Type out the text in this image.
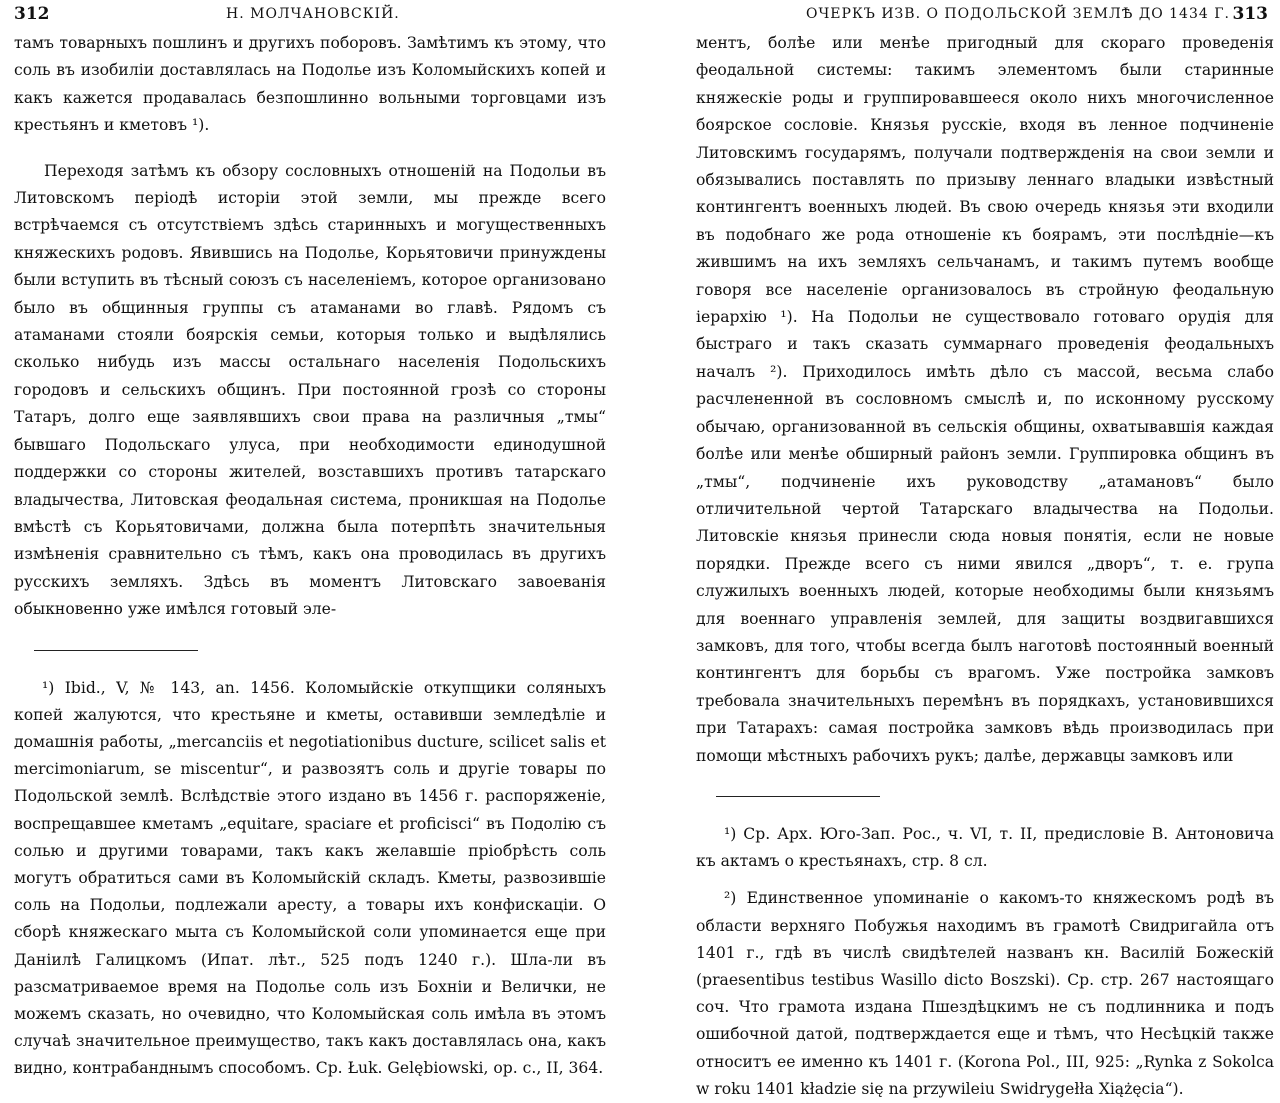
312	Н. МОЛЧАНОВСКІЙ.

тамъ товарныхъ пошлинъ и другихъ поборовъ. Замѣтимъ къ этому, что соль въ изобиліи доставлялась на Подолье изъ Коломыйскихъ копей и какъ кажется продавалась безпошлинно вольными торговцами изъ крестьянъ и кметовъ ¹).

Переходя затѣмъ къ обзору сословныхъ отношеній на Подольи въ Литовскомъ періодѣ исторіи этой земли, мы прежде всего встрѣчаемся съ отсутствіемъ здѣсь старинныхъ и могущественныхъ княжескихъ родовъ. Явившись на Подолье, Корьятовичи принуждены были вступить въ тѣсный союзъ съ населеніемъ, которое организовано было въ общинныя группы съ атаманами во главѣ. Рядомъ съ атаманами стояли боярскія семьи, которыя только и выдѣлялись сколько нибудь изъ массы остальнаго населенія Подольскихъ городовъ и сельскихъ общинъ. При постоянной грозѣ со стороны Татаръ, долго еще заявлявшихъ свои права на различныя „тмы“ бывшаго Подольскаго улуса, при необходимости единодушной поддержки со стороны жителей, возставшихъ противъ татарскаго владычества, Литовская феодальная система, проникшая на Подолье вмѣстѣ съ Корьятовичами, должна была потерпѣть значительныя измѣненія сравнительно съ тѣмъ, какъ она проводилась въ другихъ русскихъ земляхъ. Здѣсь въ моментъ Литовскаго завоеванія обыкновенно уже имѣлся готовый эле-

¹) Ibid., V, № 143, an. 1456. Коломыйскіе откупщики соляныхъ копей жалуются, что крестьяне и кметы, оставивши земледѣліе и домашнія работы, „mercanciis et negotiationibus ducture, scilicet salis et mercimoniarum, se miscentur“, и развозятъ соль и другіе товары по Подольской землѣ. Вслѣдствіе этого издано въ 1456 г. распоряженіе, воспрещавшее кметамъ „equitare, spaciare et proficisci“ въ Подолію съ солью и другими товарами, такъ какъ желавшіе пріобрѣсть соль могутъ обратиться сами въ Коломыйскій складъ. Кметы, развозившіе соль на Подольи, подлежали аресту, а товары ихъ конфискаціи. О сборѣ княжескаго мыта съ Коломыйской соли упоминается еще при Даніилѣ Галицкомъ (Ипат. лѣт., 525 подъ 1240 г.). Шла-ли въ разсматриваемое время на Подолье соль изъ Бохніи и Велички, не можемъ сказать, но очевидно, что Коломыйская соль имѣла въ этомъ случаѣ значительное преимущество, такъ какъ доставлялась она, какъ видно, контрабанднымъ способомъ. Ср. Łuk. Gelębiowski, op. c., II, 364.

ОЧЕРКЪ ИЗВ. О ПОДОЛЬСКОЙ ЗЕМЛѢ ДО 1434 Г. 313

ментъ, болѣе или менѣе пригодный для скораго проведенія феодальной системы: такимъ элементомъ были старинные княжескіе роды и группировавшееся около нихъ многочисленное боярское сословіе. Князья русскіе, входя въ ленное подчиненіе Литовскимъ государямъ, получали подтвержденія на свои земли и обязывались поставлять по призыву леннаго владыки извѣстный контингентъ военныхъ людей. Въ свою очередь князья эти входили въ подобнаго же рода отношеніе къ боярамъ, эти послѣдніе—къ жившимъ на ихъ земляхъ сельчанамъ, и такимъ путемъ вообще говоря все населеніе организовалось въ стройную феодальную іерархію ¹). На Подольи не существовало готоваго орудія для быстраго и такъ сказать суммарнаго проведенія феодальныхъ началъ ²). Приходилось имѣть дѣло съ массой, весьма слабо расчлененной въ сословномъ смыслѣ и, по исконному русскому обычаю, организованной въ сельскія общины, охватывавшія каждая болѣе или менѣе обширный районъ земли. Группировка общинъ въ „тмы“, подчиненіе ихъ руководству „атамановъ“ было отличительной чертой Татарскаго владычества на Подольи. Литовскіе князья принесли сюда новыя понятія, если не новые порядки. Прежде всего съ ними явился „дворъ“, т. е. група служилыхъ военныхъ людей, которые необходимы были князьямъ для военнаго управленія землей, для защиты воздвигавшихся замковъ, для того, чтобы всегда былъ наготовѣ постоянный военный контингентъ для борьбы съ врагомъ. Уже постройка замковъ требовала значительныхъ перемѣнъ въ порядкахъ, установившихся при Татарахъ: самая постройка замковъ вѣдь производилась при помощи мѣстныхъ рабочихъ рукъ; далѣе, державцы замковъ или

¹) Ср. Арх. Юго-Зап. Рос., ч. VI, т. II, предисловіе В. Антоновича къ актамъ о крестьянахъ, стр. 8 сл.

²) Единственное упоминаніе о какомъ-то княжескомъ родѣ въ области верхняго Побужья находимъ въ грамотѣ Свидригайла отъ 1401 г., гдѣ въ числѣ свидѣтелей названъ кн. Василій Божескій (praesentibus testibus Wasillo dicto Boszski). Ср. стр. 267 настоящаго соч. Что грамота издана Пшездѣцкимъ не съ подлинника и подъ ошибочной датой, подтверждается еще и тѣмъ, что Несѣцкій также относитъ ее именно къ 1401 г. (Korona Pol., III, 925: „Rynka z Sokolca w roku 1401 kładzie się na przywileiu Swidrygełła Xiążęcia“).
